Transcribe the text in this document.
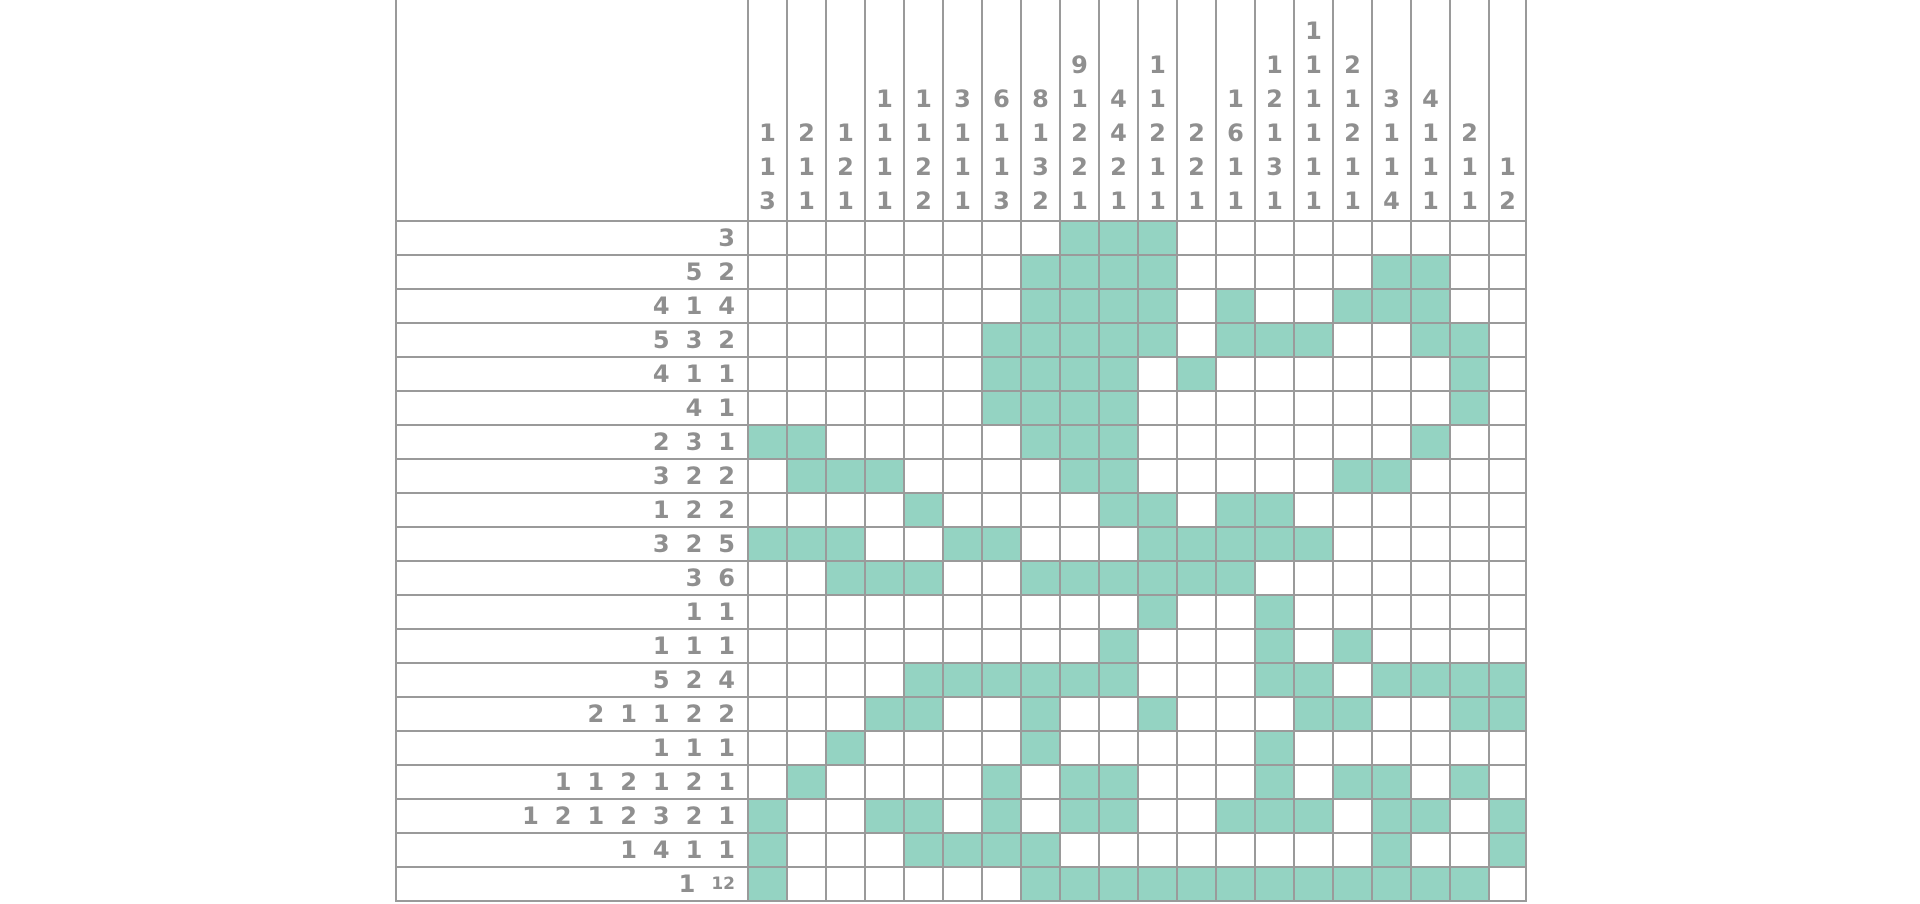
1
1
3
2
1
1
1
2
1
1
1
1
1
1
1
2
2
3
1
1
1
6
1
1
3
8
1
3
2
9
1
2
2
1
4
4
2
1
1
1
2
1
1
2
2
1
1
6
1
1
1
2
1
3
1
1
1
1
1
1
1
2
1
2
1
1
3
1
1
4
4
1
1
1
2
1
1
1
2
3
5 2
4 1 4
5 3 2
4 1 1
4 1
2 3 1
3 2 2
1 2 2
3 2 5
3 6
1 1
1 1 1
5 2 4
2 1 1 2 2
1 1 1
1 1 2 1 2 1
1 2 1 2 3 2 1
1 4 1 1
1 12
